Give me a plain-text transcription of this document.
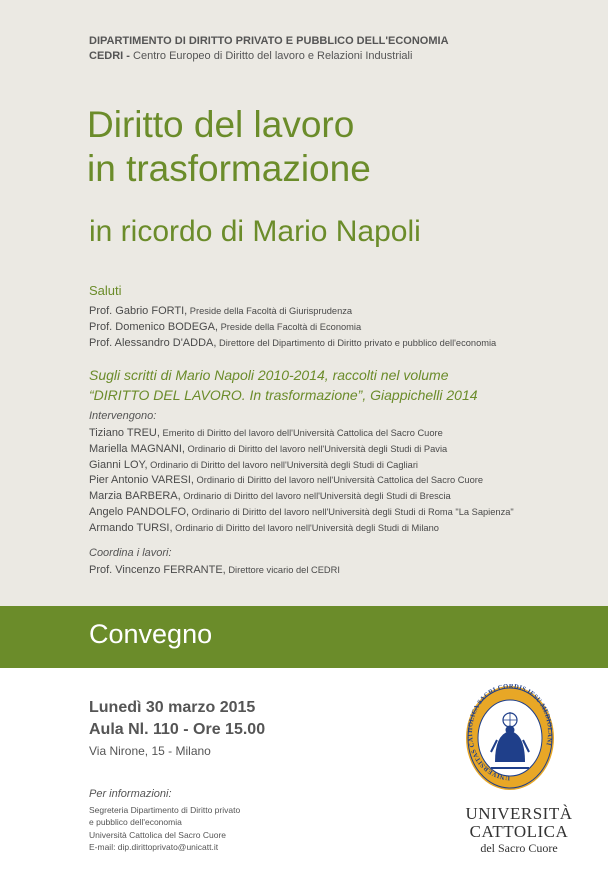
DIPARTIMENTO DI DIRITTO PRIVATO E PUBBLICO DELL'ECONOMIA
CEDRI - Centro Europeo di Diritto del lavoro e Relazioni Industriali
Diritto del lavoro
in trasformazione
in ricordo di Mario Napoli
Saluti
Prof. Gabrio FORTI, Preside della Facoltà di Giurisprudenza
Prof. Domenico BODEGA, Preside della Facoltà di Economia
Prof. Alessandro D'ADDA, Direttore del Dipartimento di Diritto privato e pubblico dell'economia
Sugli scritti di Mario Napoli 2010-2014, raccolti nel volume
“DIRITTO DEL LAVORO. In trasformazione”, Giappichelli 2014
Intervengono:
Tiziano TREU, Emerito di Diritto del lavoro dell'Università Cattolica del Sacro Cuore
Mariella MAGNANI, Ordinario di Diritto del lavoro nell'Università degli Studi di Pavia
Gianni LOY, Ordinario di Diritto del lavoro nell'Università degli Studi di Cagliari
Pier Antonio VARESI, Ordinario di Diritto del lavoro nell'Università Cattolica del Sacro Cuore
Marzia BARBERA, Ordinario di Diritto del lavoro nell'Università degli Studi di Brescia
Angelo PANDOLFO, Ordinario di Diritto del lavoro nell'Università degli Studi di Roma "La Sapienza"
Armando TURSI, Ordinario di Diritto del lavoro nell'Università degli Studi di Milano
Coordina i lavori:
Prof. Vincenzo FERRANTE, Direttore vicario del CEDRI
Convegno
Lunedì 30 marzo 2015
Aula Nl. 110 - Ore 15.00
Via Nirone, 15 - Milano
Per informazioni:
Segreteria Dipartimento di Diritto privato
e pubblico dell'economia
Università Cattolica del Sacro Cuore
E-mail: dip.dirittoprivato@unicatt.it
UNIVERSITAS CATHOLICA SACRI CORDIS IESU MEDIOLANI
UNIVERSITÀ
CATTOLICA
del Sacro Cuore
